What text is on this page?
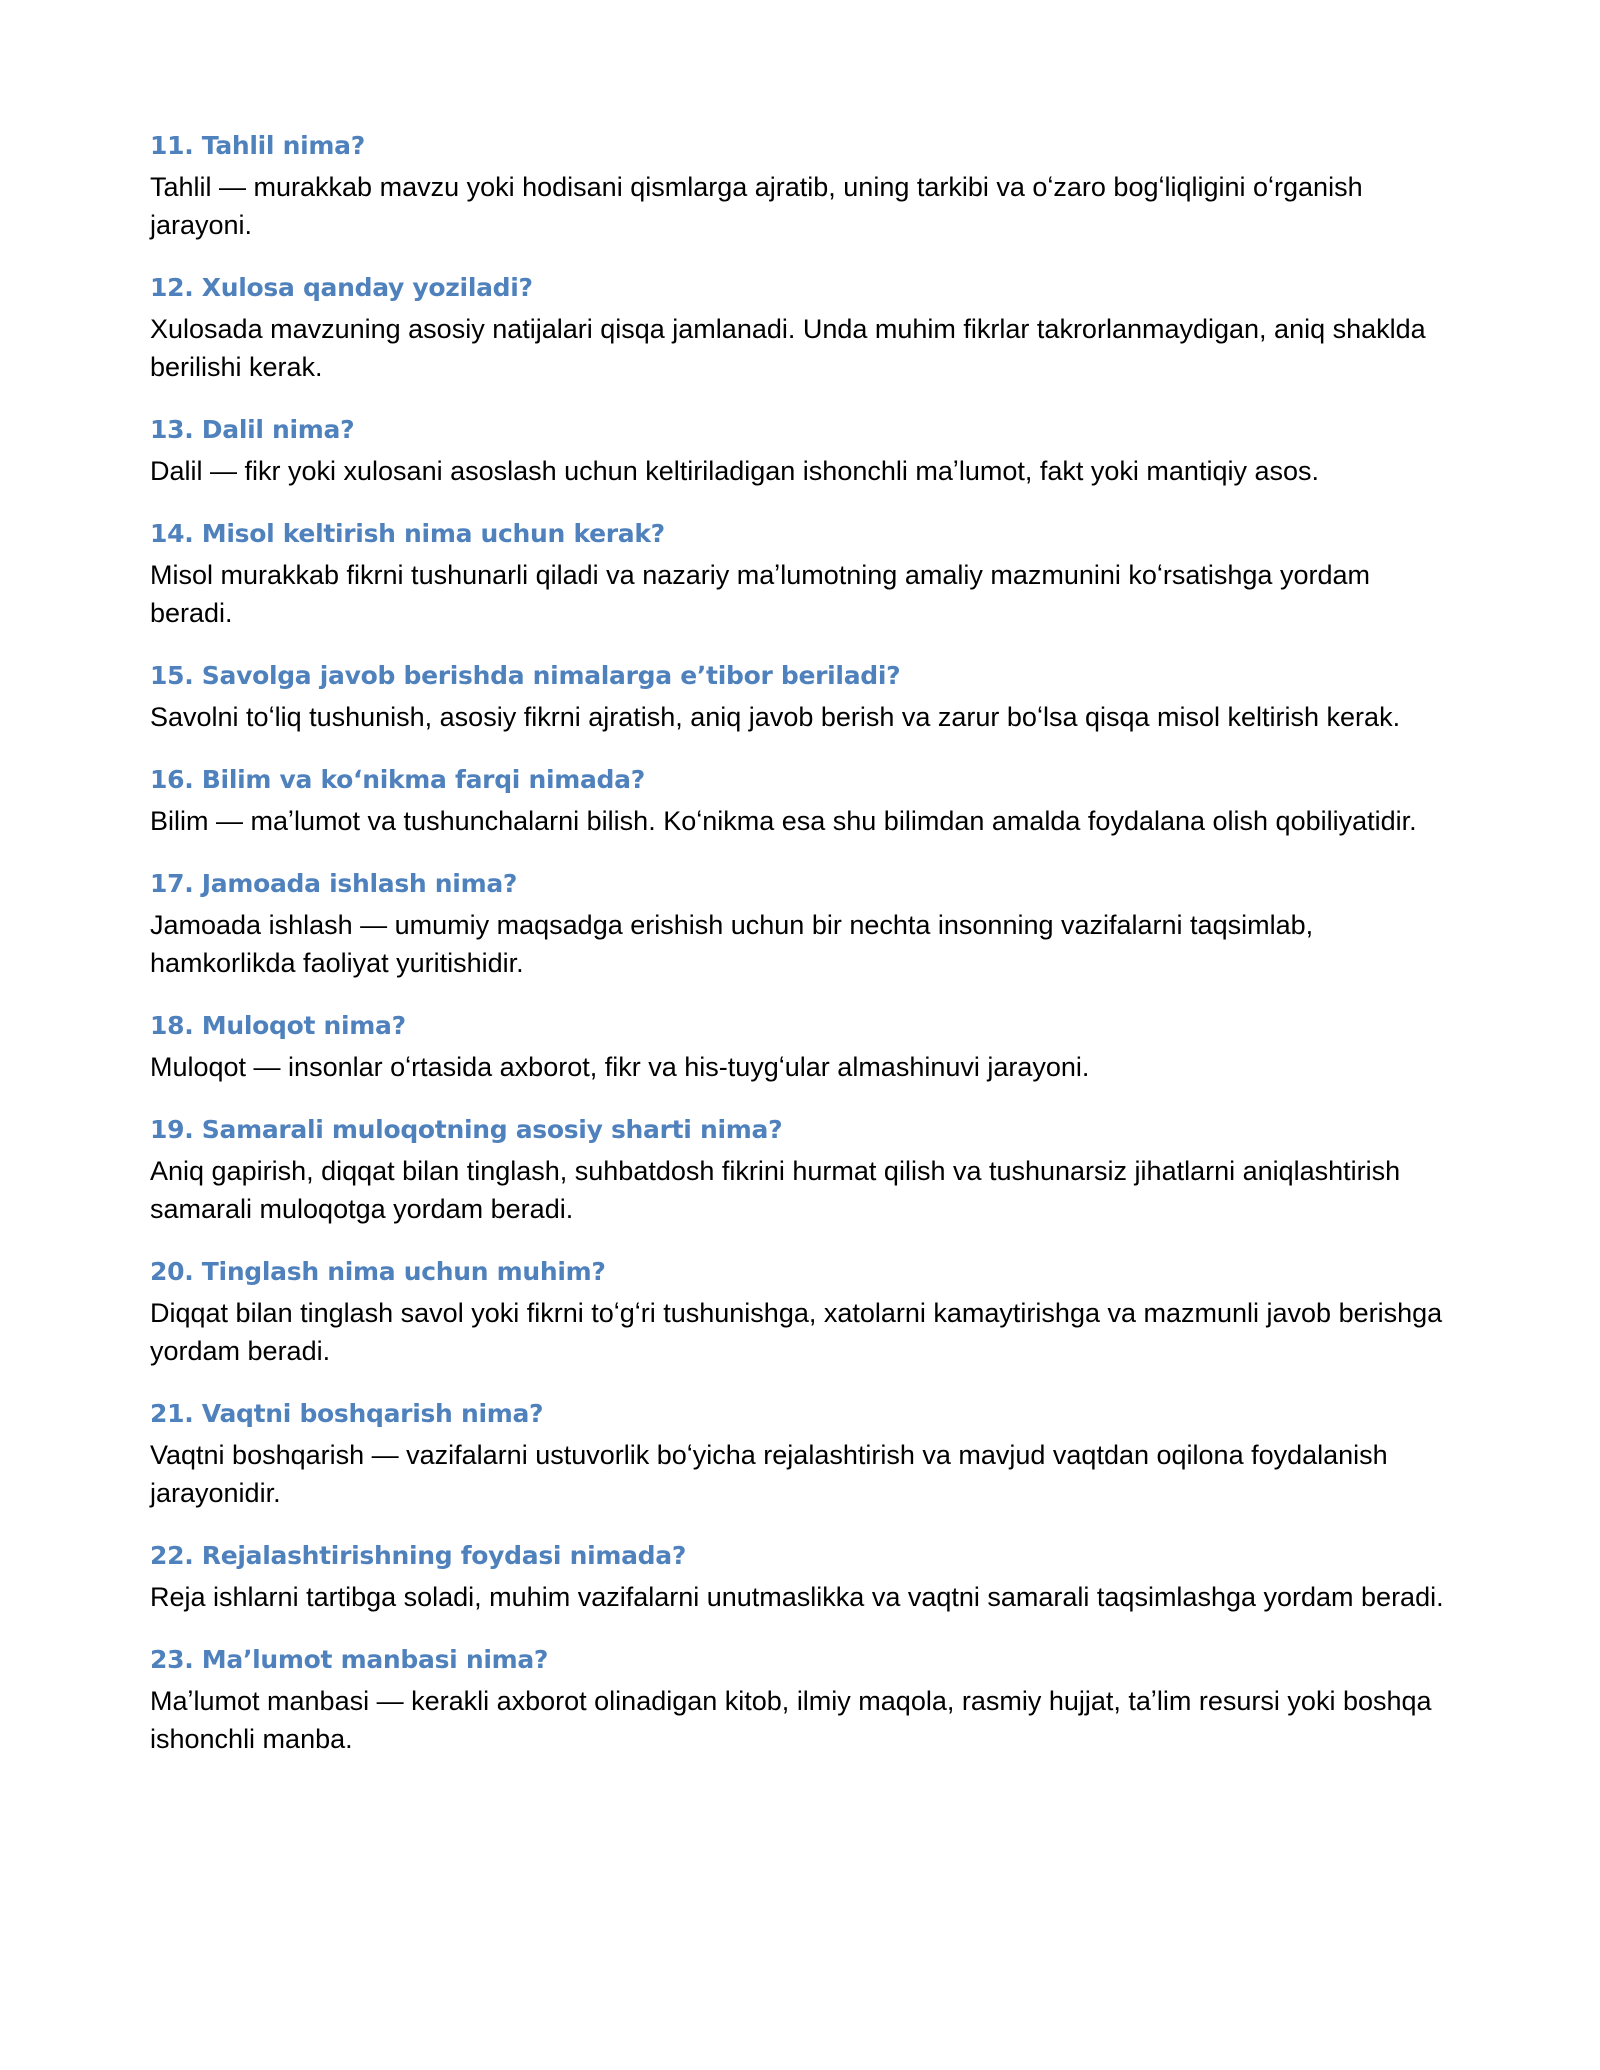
11. Tahlil nima?

Tahlil — murakkab mavzu yoki hodisani qismlarga ajratib, uning tarkibi va oʻzaro bogʻliqligini oʻrganish jarayoni.

12. Xulosa qanday yoziladi?

Xulosada mavzuning asosiy natijalari qisqa jamlanadi. Unda muhim fikrlar takrorlanmaydigan, aniq shaklda berilishi kerak.

13. Dalil nima?

Dalil — fikr yoki xulosani asoslash uchun keltiriladigan ishonchli maʼlumot, fakt yoki mantiqiy asos.

14. Misol keltirish nima uchun kerak?

Misol murakkab fikrni tushunarli qiladi va nazariy maʼlumotning amaliy mazmunini koʻrsatishga yordam beradi.

15. Savolga javob berishda nimalarga eʼtibor beriladi?

Savolni toʻliq tushunish, asosiy fikrni ajratish, aniq javob berish va zarur boʻlsa qisqa misol keltirish kerak.

16. Bilim va koʻnikma farqi nimada?

Bilim — maʼlumot va tushunchalarni bilish. Koʻnikma esa shu bilimdan amalda foydalana olish qobiliyatidir.

17. Jamoada ishlash nima?

Jamoada ishlash — umumiy maqsadga erishish uchun bir nechta insonning vazifalarni taqsimlab, hamkorlikda faoliyat yuritishidir.

18. Muloqot nima?

Muloqot — insonlar oʻrtasida axborot, fikr va his-tuygʻular almashinuvi jarayoni.

19. Samarali muloqotning asosiy sharti nima?

Aniq gapirish, diqqat bilan tinglash, suhbatdosh fikrini hurmat qilish va tushunarsiz jihatlarni aniqlashtirish samarali muloqotga yordam beradi.

20. Tinglash nima uchun muhim?

Diqqat bilan tinglash savol yoki fikrni toʻgʻri tushunishga, xatolarni kamaytirishga va mazmunli javob berishga yordam beradi.

21. Vaqtni boshqarish nima?

Vaqtni boshqarish — vazifalarni ustuvorlik boʻyicha rejalashtirish va mavjud vaqtdan oqilona foydalanish jarayonidir.

22. Rejalashtirishning foydasi nimada?

Reja ishlarni tartibga soladi, muhim vazifalarni unutmaslikka va vaqtni samarali taqsimlashga yordam beradi.

23. Maʼlumot manbasi nima?

Maʼlumot manbasi — kerakli axborot olinadigan kitob, ilmiy maqola, rasmiy hujjat, taʼlim resursi yoki boshqa ishonchli manba.
